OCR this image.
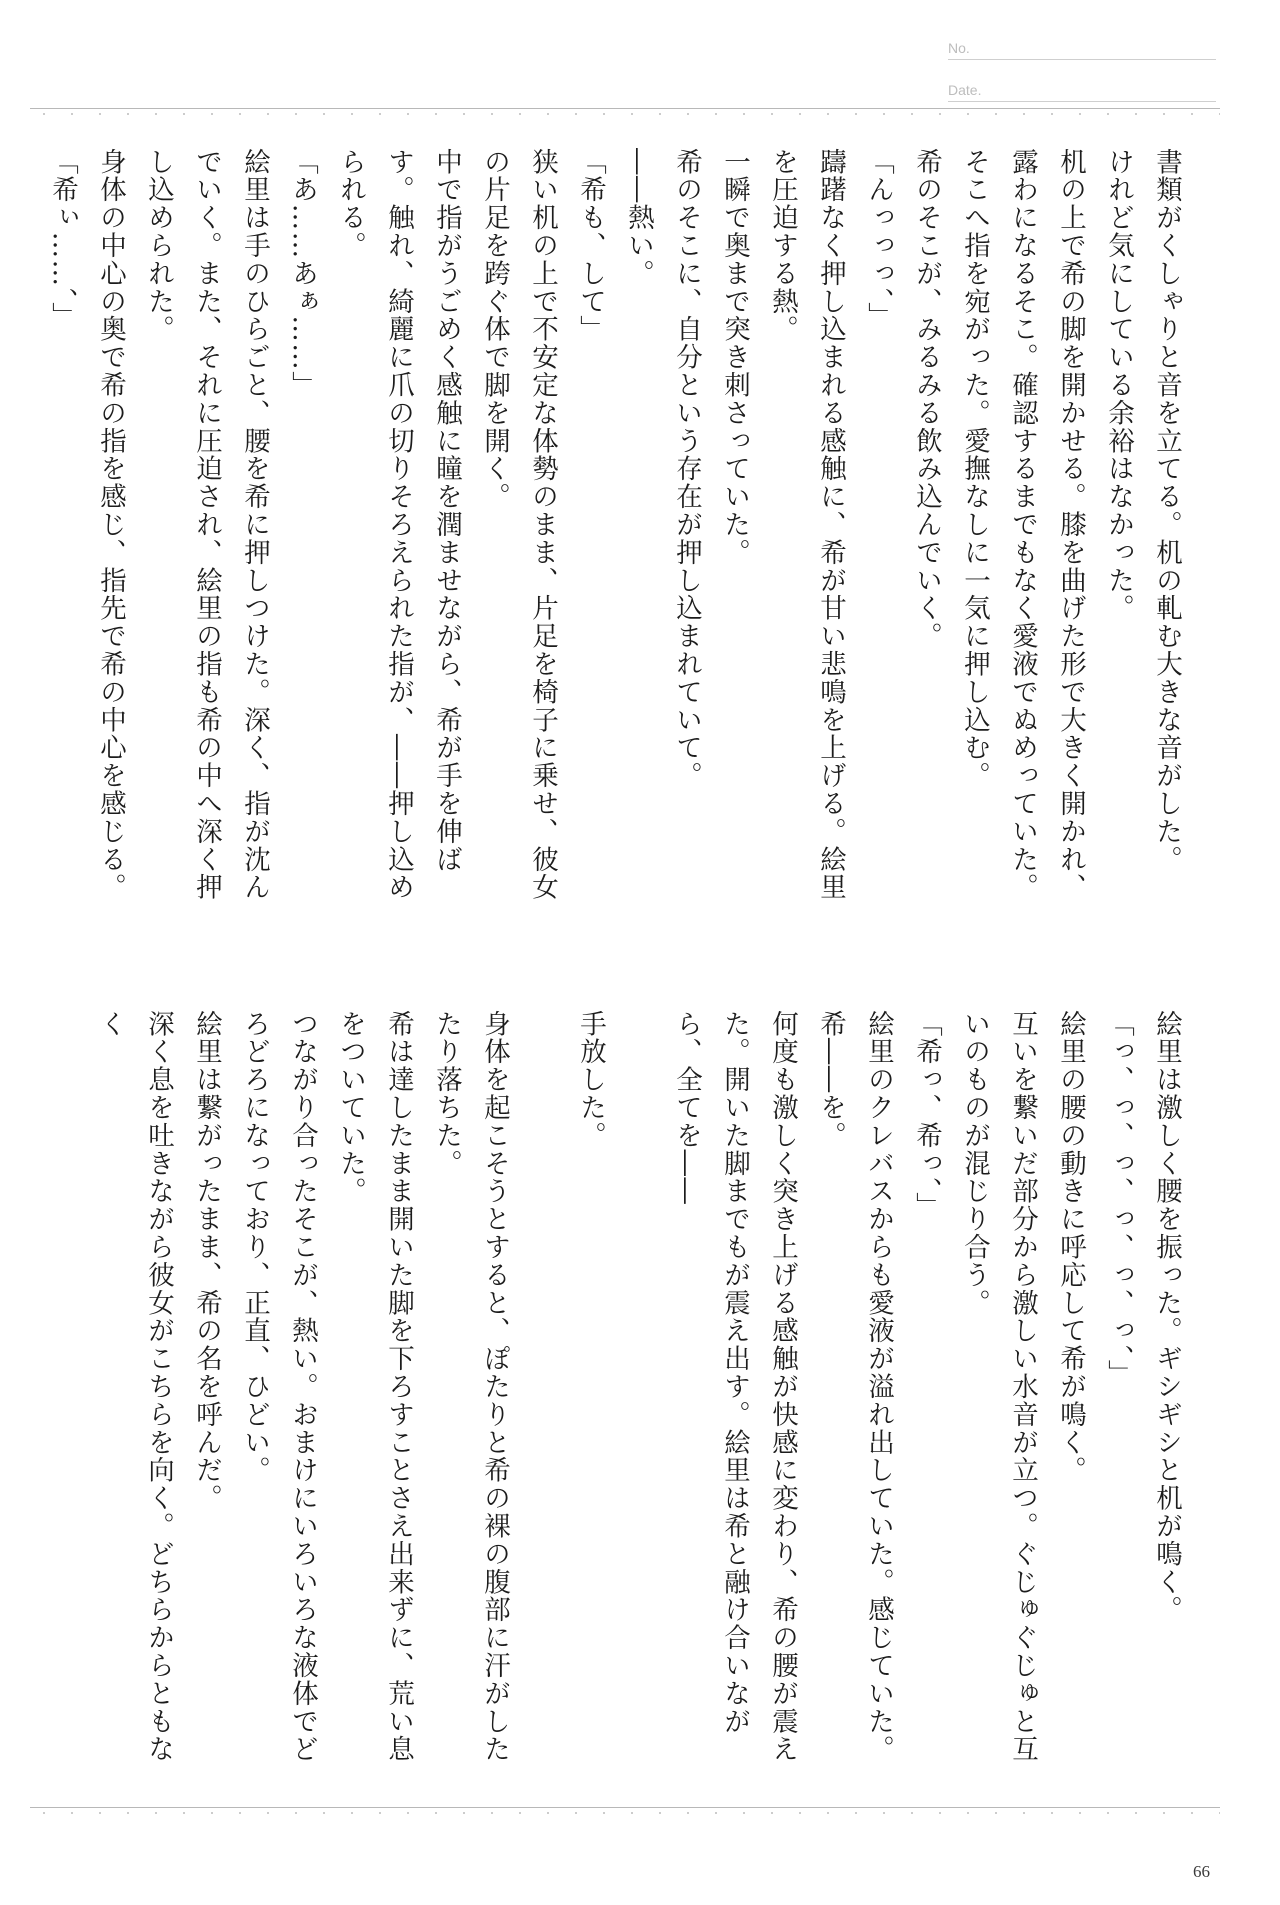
No.
Date.

書類がくしゃりと音を立てる。机の軋む大きな音がした。

けれど気にしている余裕はなかった。

机の上で希の脚を開かせる。膝を曲げた形で大きく開かれ、露わになるそこ。確認するまでもなく愛液でぬめっていた。

そこへ指を宛がった。愛撫なしに一気に押し込む。

希のそこが、みるみる飲み込んでいく。

「んっっっ、」

躊躇なく押し込まれる感触に、希が甘い悲鳴を上げる。絵里を圧迫する熱。

一瞬で奥まで突き刺さっていた。

希のそこに、自分という存在が押し込まれていて。

――熱い。

「希も、して」

狭い机の上で不安定な体勢のまま、片足を椅子に乗せ、彼女の片足を跨ぐ体で脚を開く。

中で指がうごめく感触に瞳を潤ませながら、希が手を伸ばす。触れ、綺麗に爪の切りそろえられた指が、――押し込められる。

「あ……あぁ……」

絵里は手のひらごと、腰を希に押しつけた。深く、指が沈んでいく。また、それに圧迫され、絵里の指も希の中へ深く押し込められた。

身体の中心の奥で希の指を感じ、指先で希の中心を感じる。

「希ぃ……、」

絵里は激しく腰を振った。ギシギシと机が鳴く。

「っ、っ、っ、っ、っ、っ、」

絵里の腰の動きに呼応して希が鳴く。

互いを繋いだ部分から激しい水音が立つ。ぐじゅぐじゅと互いのものが混じり合う。

「希っ、希っ、」

絵里のクレバスからも愛液が溢れ出していた。感じていた。希――を。

何度も激しく突き上げる感触が快感に変わり、希の腰が震えた。開いた脚までもが震え出す。絵里は希と融け合いながら、全てを――

手放した。

身体を起こそうとすると、ぽたりと希の裸の腹部に汗がしたたり落ちた。

希は達したまま開いた脚を下ろすことさえ出来ずに、荒い息をついていた。

つながり合ったそこが、熱い。おまけにいろいろな液体でどろどろになっており、正直、ひどい。

絵里は繋がったまま、希の名を呼んだ。

深く息を吐きながら彼女がこちらを向く。どちらからともなく

66
